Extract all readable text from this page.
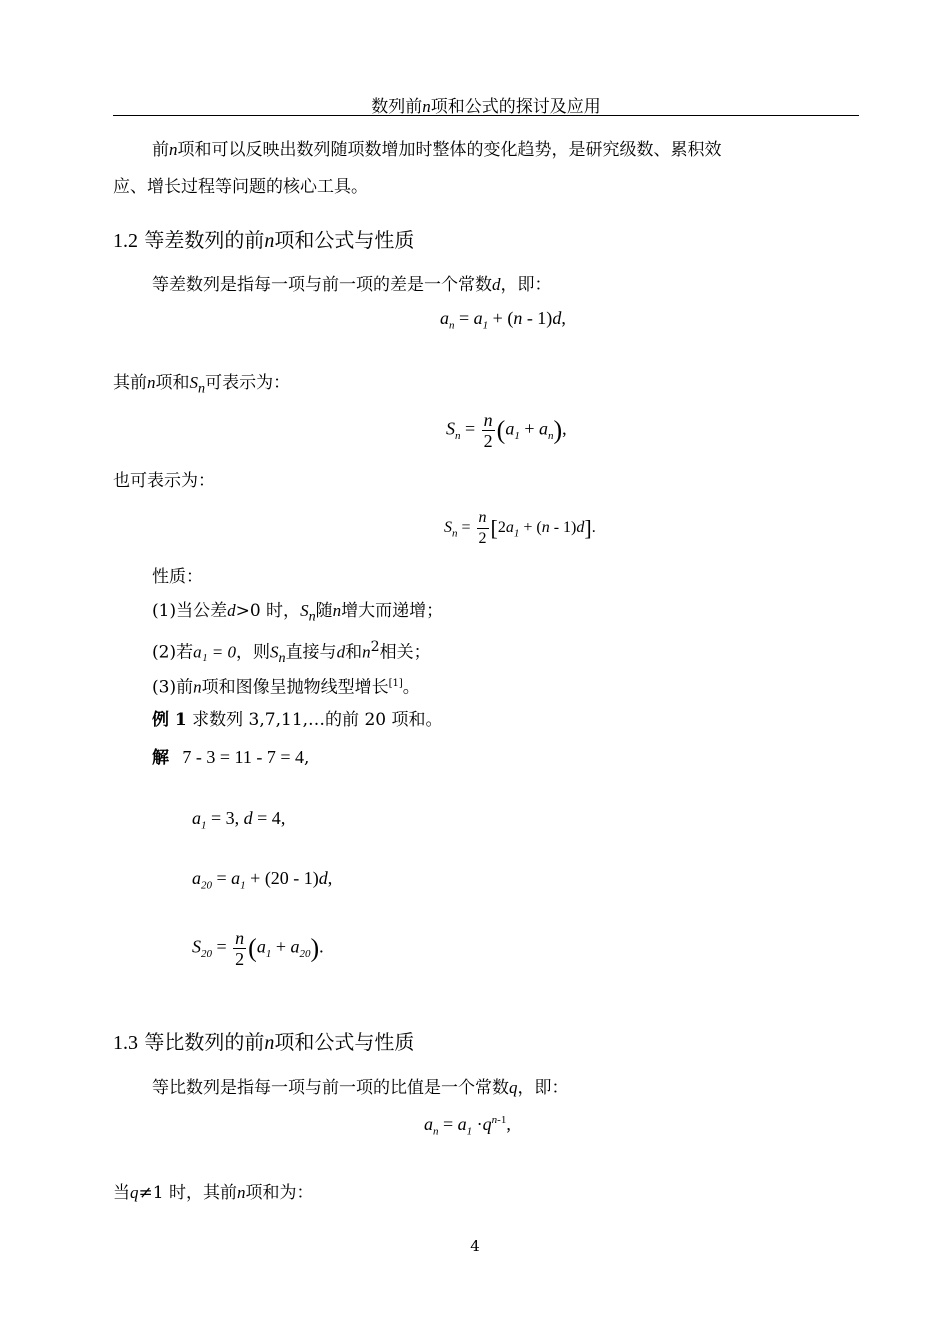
数列前n项和公式的探讨及应用
前n项和可以反映出数列随项数增加时整体的变化趋势，是研究级数、累积效
应、增长过程等问题的核心工具。
1.2 等差数列的前n项和公式与性质
等差数列是指每一项与前一项的差是一个常数d，即：
$a_n = a_1 + (n - 1)d$,
其前n项和$S_n$可表示为：
$S_n = \frac{n}{2} (a_1 + a_n)$,
也可表示为：
$S_n = \frac{n}{2} [2a_1 + (n - 1)d]$.
性质：
(1)当公差d>0 时，$S_n$随n增大而递增；
(2)若a₁ = 0，则$S_n$直接与d和$n^2$相关；
(3)前n项和图像呈抛物线型增长[1]。
例 1 求数列 3,7,11,…的前 20 项和。
解 7 - 3 = 11 - 7 = 4,
$a_1 = 3$, d = 4,
$a_{20} = a_1 + (20 - 1)d$,
$S_{20} = \frac{n}{2} (a_1 + a_{20})$.
1.3 等比数列的前n项和公式与性质
等比数列是指每一项与前一项的比值是一个常数q，即：
$a_n = a_1 \cdot q^{n-1}$,
当q≠1 时，其前n项和为：
4
